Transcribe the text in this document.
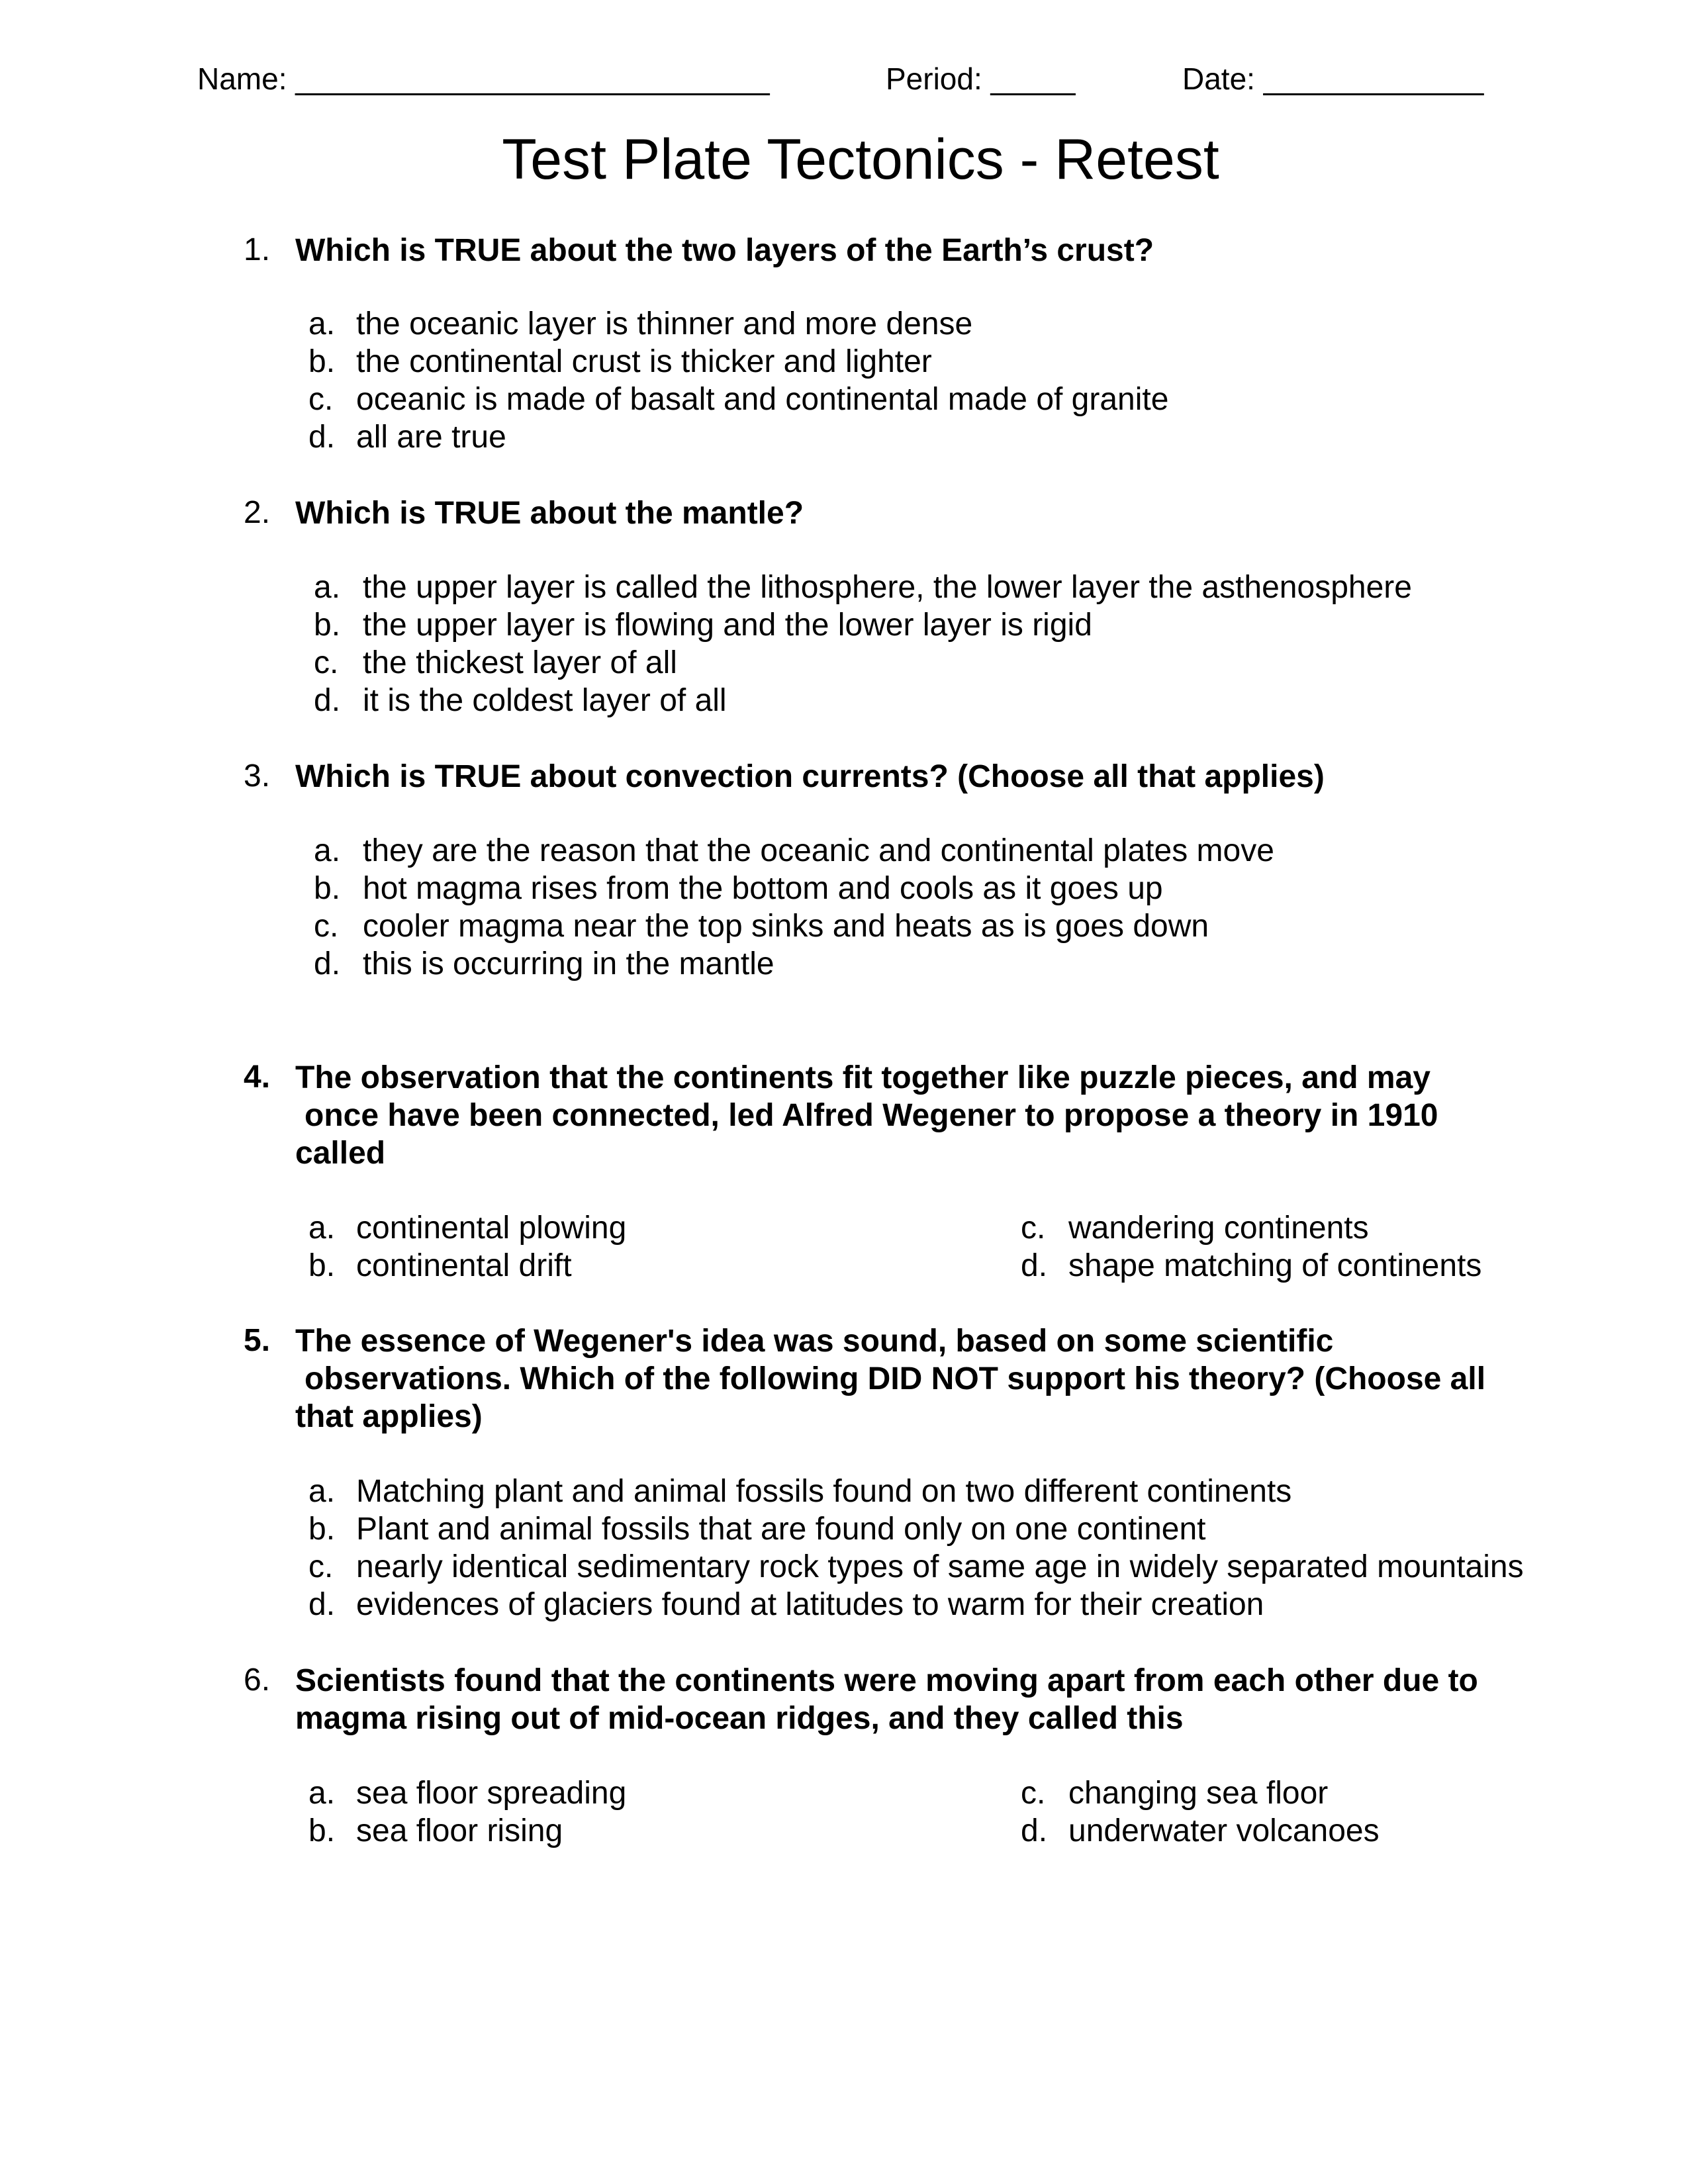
Name: ____________________________	Period: _____	Date: _____________
Test Plate Tectonics - Retest
1. Which is TRUE about the two layers of the Earth’s crust?
a. the oceanic layer is thinner and more dense
b. the continental crust is thicker and lighter
c. oceanic is made of basalt and continental made of granite
d. all are true
2. Which is TRUE about the mantle?
a. the upper layer is called the lithosphere, the lower layer the asthenosphere
b. the upper layer is flowing and the lower layer is rigid
c. the thickest layer of all
d. it is the coldest layer of all
3. Which is TRUE about convection currents? (Choose all that applies)
a. they are the reason that the oceanic and continental plates move
b. hot magma rises from the bottom and cools as it goes up
c. cooler magma near the top sinks and heats as is goes down
d. this is occurring in the mantle
4. The observation that the continents fit together like puzzle pieces, and may
once have been connected, led Alfred Wegener to propose a theory in 1910
called
a. continental plowing
b. continental drift
c. wandering continents
d. shape matching of continents
5. The essence of Wegener's idea was sound, based on some scientific
observations. Which of the following DID NOT support his theory? (Choose all
that applies)
a. Matching plant and animal fossils found on two different continents
b. Plant and animal fossils that are found only on one continent
c. nearly identical sedimentary rock types of same age in widely separated mountains
d. evidences of glaciers found at latitudes to warm for their creation
6. Scientists found that the continents were moving apart from each other due to
magma rising out of mid-ocean ridges, and they called this
a. sea floor spreading
b. sea floor rising
c. changing sea floor
d. underwater volcanoes
